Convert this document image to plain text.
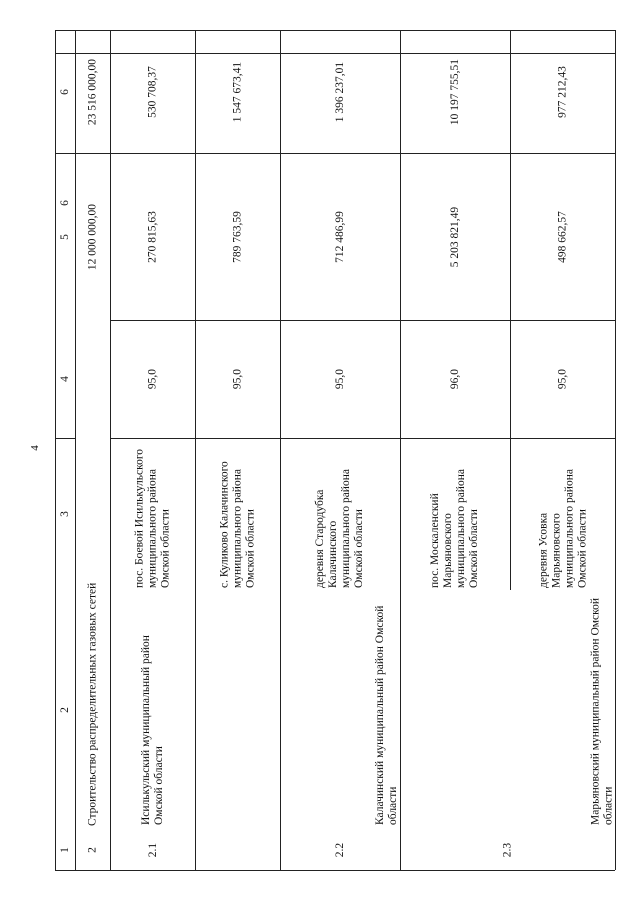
4
6
6
5
4
3
2
1
23 516 000,00
12 000 000,00
Строительство распределительных газовых сетей
2
Исилькульский муниципальный район Омской области
2.1
Калачинский муниципальный район Омской области
2.2
Марьяновский муниципальный район Омской области
2.3
пос. Боевой Исилькульского муниципального района Омской области
95,0
270 815,63
530 708,37
с. Куликово Калачинского муниципального района Омской области
95,0
789 763,59
1 547 673,41
деревня Стародубка Калачинского муниципального района Омской области
95,0
712 486,99
1 396 237,01
пос. Москаленский Марьяновского муниципального района Омской области
96,0
5 203 821,49
10 197 755,51
деревня Усовка Марьяновского муниципального района Омской области
95,0
498 662,57
977 212,43
